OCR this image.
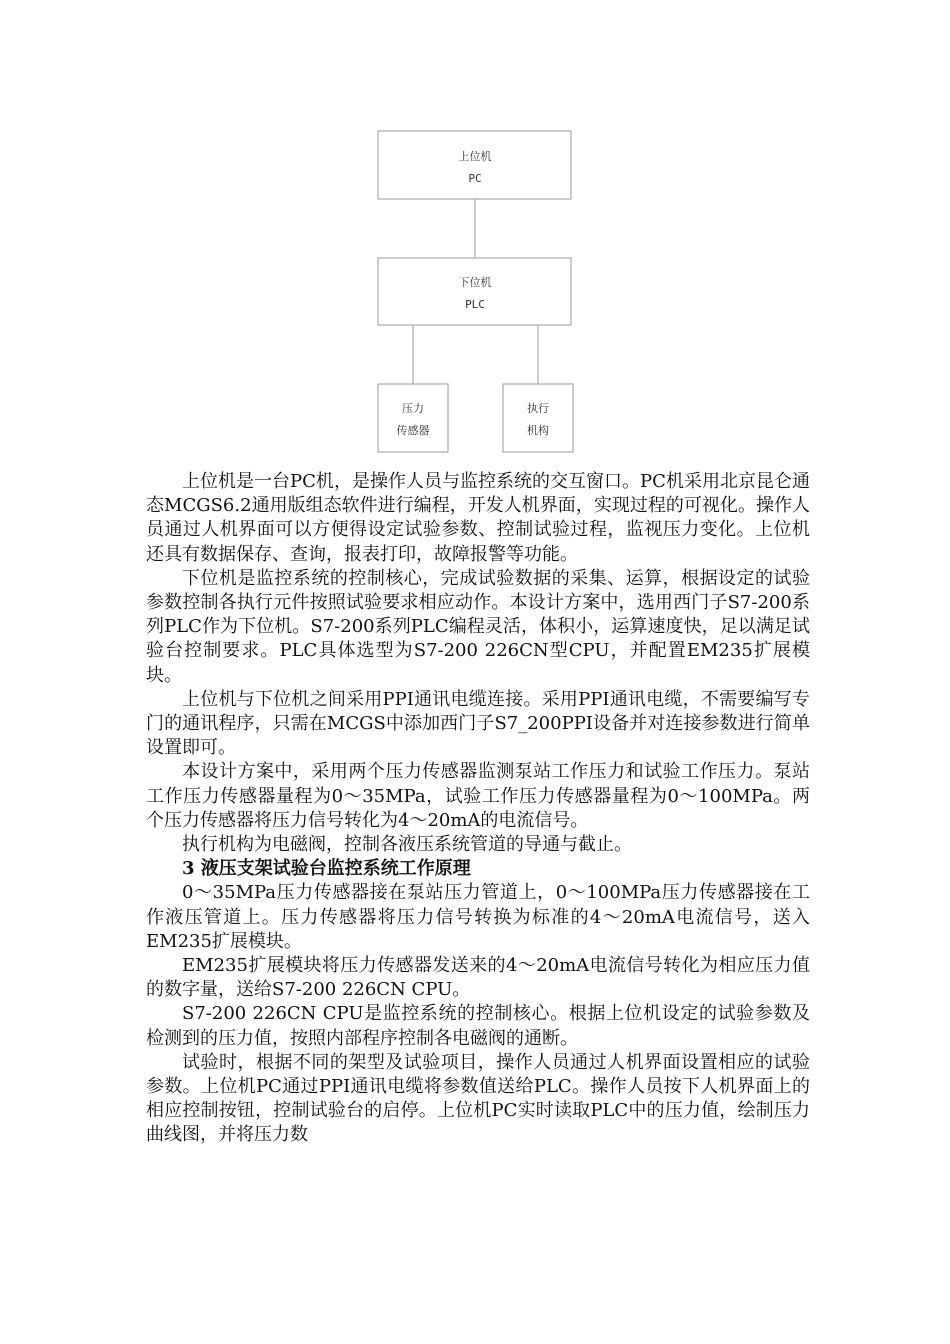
上位机
PC
下位机
PLC
压力
传感器
执行
机构

上位机是一台PC机，是操作人员与监控系统的交互窗口。PC机采用北京昆仑通态MCGS6.2通用版组态软件进行编程，开发人机界面，实现过程的可视化。操作人员通过人机界面可以方便得设定试验参数、控制试验过程，监视压力变化。上位机还具有数据保存、查询，报表打印，故障报警等功能。

下位机是监控系统的控制核心，完成试验数据的采集、运算，根据设定的试验参数控制各执行元件按照试验要求相应动作。本设计方案中，选用西门子S7-200系列PLC作为下位机。S7-200系列PLC编程灵活，体积小，运算速度快，足以满足试验台控制要求。PLC具体选型为S7-200 226CN型CPU，并配置EM235扩展模块。

上位机与下位机之间采用PPI通讯电缆连接。采用PPI通讯电缆，不需要编写专门的通讯程序，只需在MCGS中添加西门子S7_200PPI设备并对连接参数进行简单设置即可。

本设计方案中，采用两个压力传感器监测泵站工作压力和试验工作压力。泵站工作压力传感器量程为0～35MPa，试验工作压力传感器量程为0～100MPa。两个压力传感器将压力信号转化为4～20mA的电流信号。

执行机构为电磁阀，控制各液压系统管道的导通与截止。

3 液压支架试验台监控系统工作原理

0～35MPa压力传感器接在泵站压力管道上，0～100MPa压力传感器接在工作液压管道上。压力传感器将压力信号转换为标准的4～20mA电流信号，送入EM235扩展模块。

EM235扩展模块将压力传感器发送来的4～20mA电流信号转化为相应压力值的数字量，送给S7-200 226CN CPU。

S7-200 226CN CPU是监控系统的控制核心。根据上位机设定的试验参数及检测到的压力值，按照内部程序控制各电磁阀的通断。

试验时，根据不同的架型及试验项目，操作人员通过人机界面设置相应的试验参数。上位机PC通过PPI通讯电缆将参数值送给PLC。操作人员按下人机界面上的相应控制按钮，控制试验台的启停。上位机PC实时读取PLC中的压力值，绘制压力曲线图，并将压力数
